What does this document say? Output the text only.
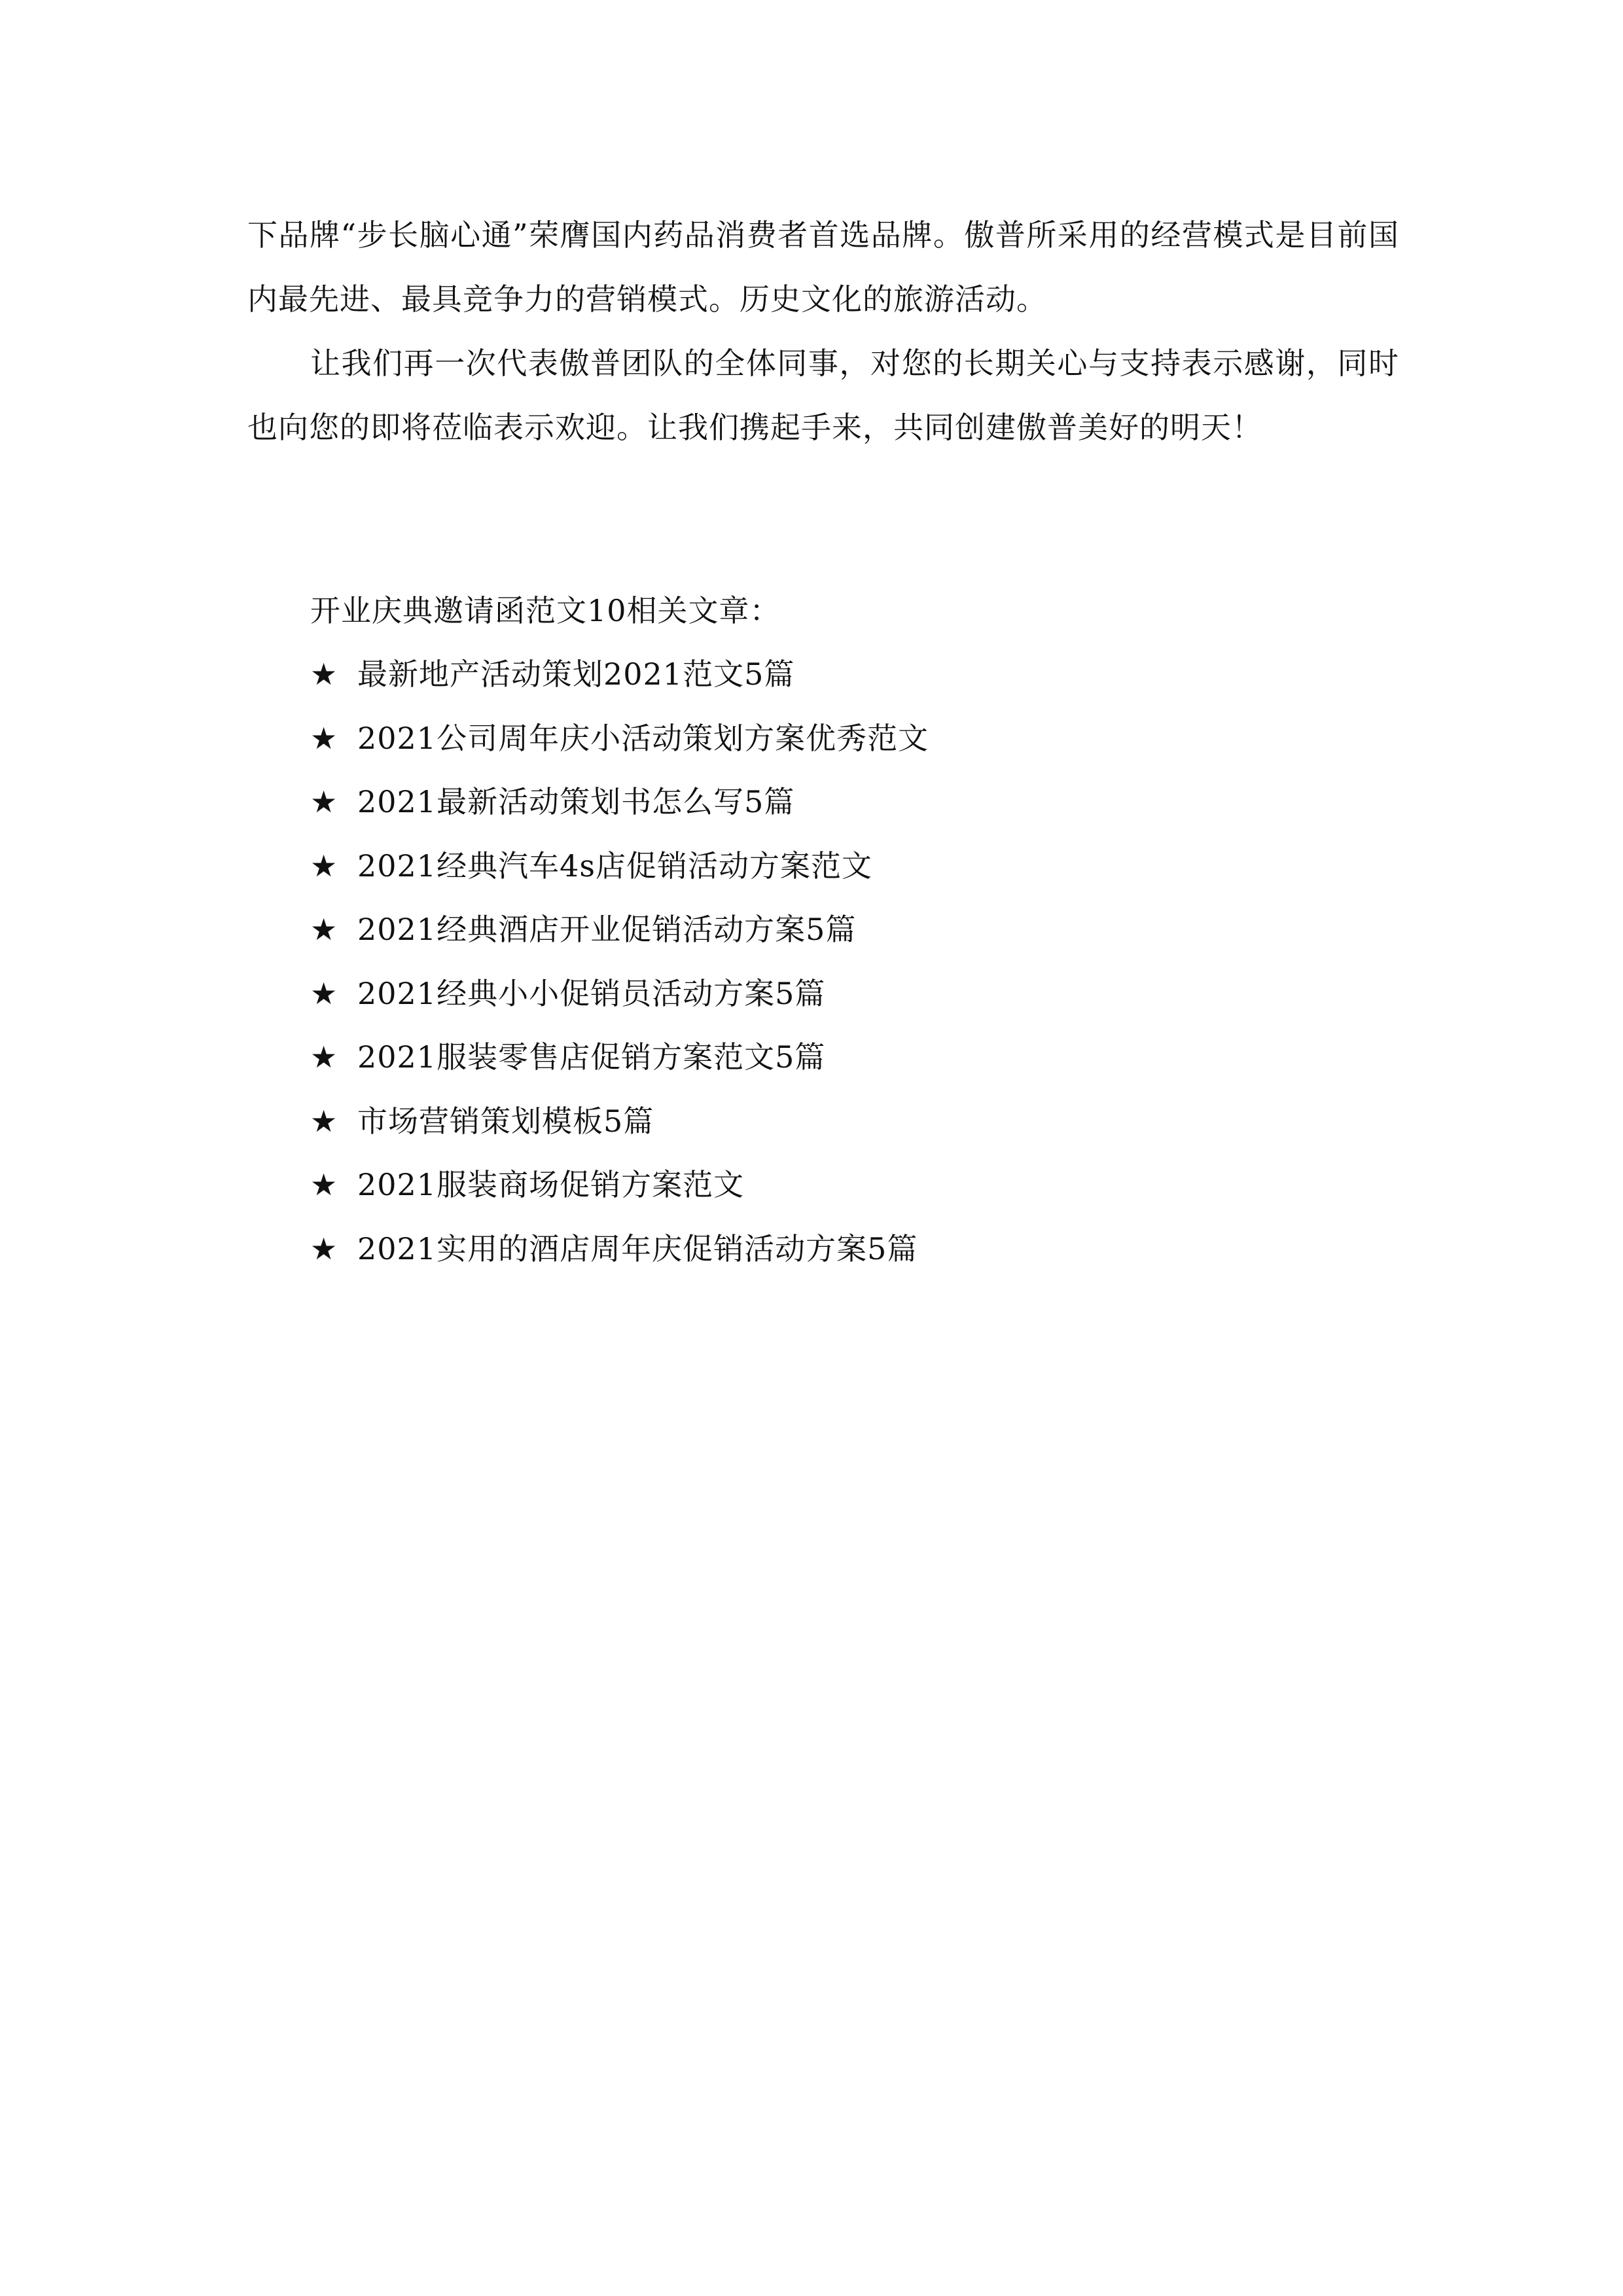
下品牌“步长脑心通”荣膺国内药品消费者首选品牌。傲普所采用的经营模式是目前国内最先进、最具竞争力的营销模式。历史文化的旅游活动。

让我们再一次代表傲普团队的全体同事，对您的长期关心与支持表示感谢，同时也向您的即将莅临表示欢迎。让我们携起手来，共同创建傲普美好的明天！

开业庆典邀请函范文10相关文章：

★ 最新地产活动策划2021范文5篇
★ 2021公司周年庆小活动策划方案优秀范文
★ 2021最新活动策划书怎么写5篇
★ 2021经典汽车4s店促销活动方案范文
★ 2021经典酒店开业促销活动方案5篇
★ 2021经典小小促销员活动方案5篇
★ 2021服装零售店促销方案范文5篇
★ 市场营销策划模板5篇
★ 2021服装商场促销方案范文
★ 2021实用的酒店周年庆促销活动方案5篇
